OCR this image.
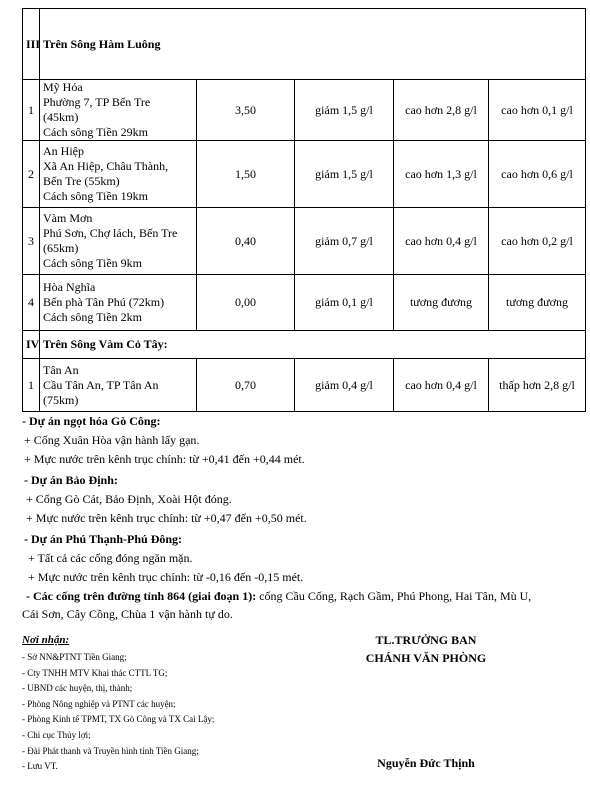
III	Trên Sông Hàm Luông				
1	Mỹ Hóa
Phường 7, TP Bến Tre
(45km)
Cách sông Tiền 29km	3,50	giảm 1,5 g/l	cao hơn 2,8 g/l	cao hơn 0,1 g/l
2	An Hiệp
Xã An Hiệp, Châu Thành,
Bến Tre (55km)
Cách sông Tiền 19km	1,50	giảm 1,5 g/l	cao hơn 1,3 g/l	cao hơn 0,6 g/l
3	Vàm Mơn
Phú Sơn, Chợ lách, Bến Tre
(65km)
Cách sông Tiền 9km	0,40	giảm 0,7 g/l	cao hơn 0,4 g/l	cao hơn 0,2 g/l
4	Hòa Nghĩa
Bến phà Tân Phú (72km)
Cách sông Tiền 2km	0,00	giảm 0,1 g/l	tương đương	tương đương
IV	Trên Sông Vàm Cỏ Tây:				
1	Tân An
Cầu Tân An, TP Tân An
(75km)	0,70	giảm 0,4 g/l	cao hơn 0,4 g/l	thấp hơn 2,8 g/l
- Dự án ngọt hóa Gò Công:
+ Cống Xuân Hòa vận hành lấy gạn.
+ Mực nước trên kênh trục chính: từ +0,41 đến +0,44 mét.
- Dự án Bảo Định:
+ Cống Gò Cát, Bảo Định, Xoài Hột đóng.
+ Mực nước trên kênh trục chính: từ +0,47 đến +0,50 mét.
- Dự án Phú Thạnh-Phú Đông:
+ Tất cả các cống đóng ngăn mặn.
+ Mực nước trên kênh trục chính: từ -0,16 đến -0,15 mét.
- Các cống trên đường tỉnh 864 (giai đoạn 1): cống Cầu Cống, Rạch Gầm, Phú Phong, Hai Tân, Mù U,
Cái Sơn, Cây Cồng, Chùa 1 vận hành tự do.
Nơi nhận:
- Sở NN&PTNT Tiền Giang;
- Cty TNHH MTV Khai thác CTTL TG;
- UBND các huyện, thị, thành;
- Phòng Nông nghiệp và PTNT các huyện;
- Phòng Kinh tế TPMT, TX Gò Công và TX Cai Lậy;
- Chi cục Thủy lợi;
- Đài Phát thanh và Truyền hình tỉnh Tiền Giang;
- Lưu VT.
TL.TRƯỞNG BAN
CHÁNH VĂN PHÒNG
Nguyễn Đức Thịnh
